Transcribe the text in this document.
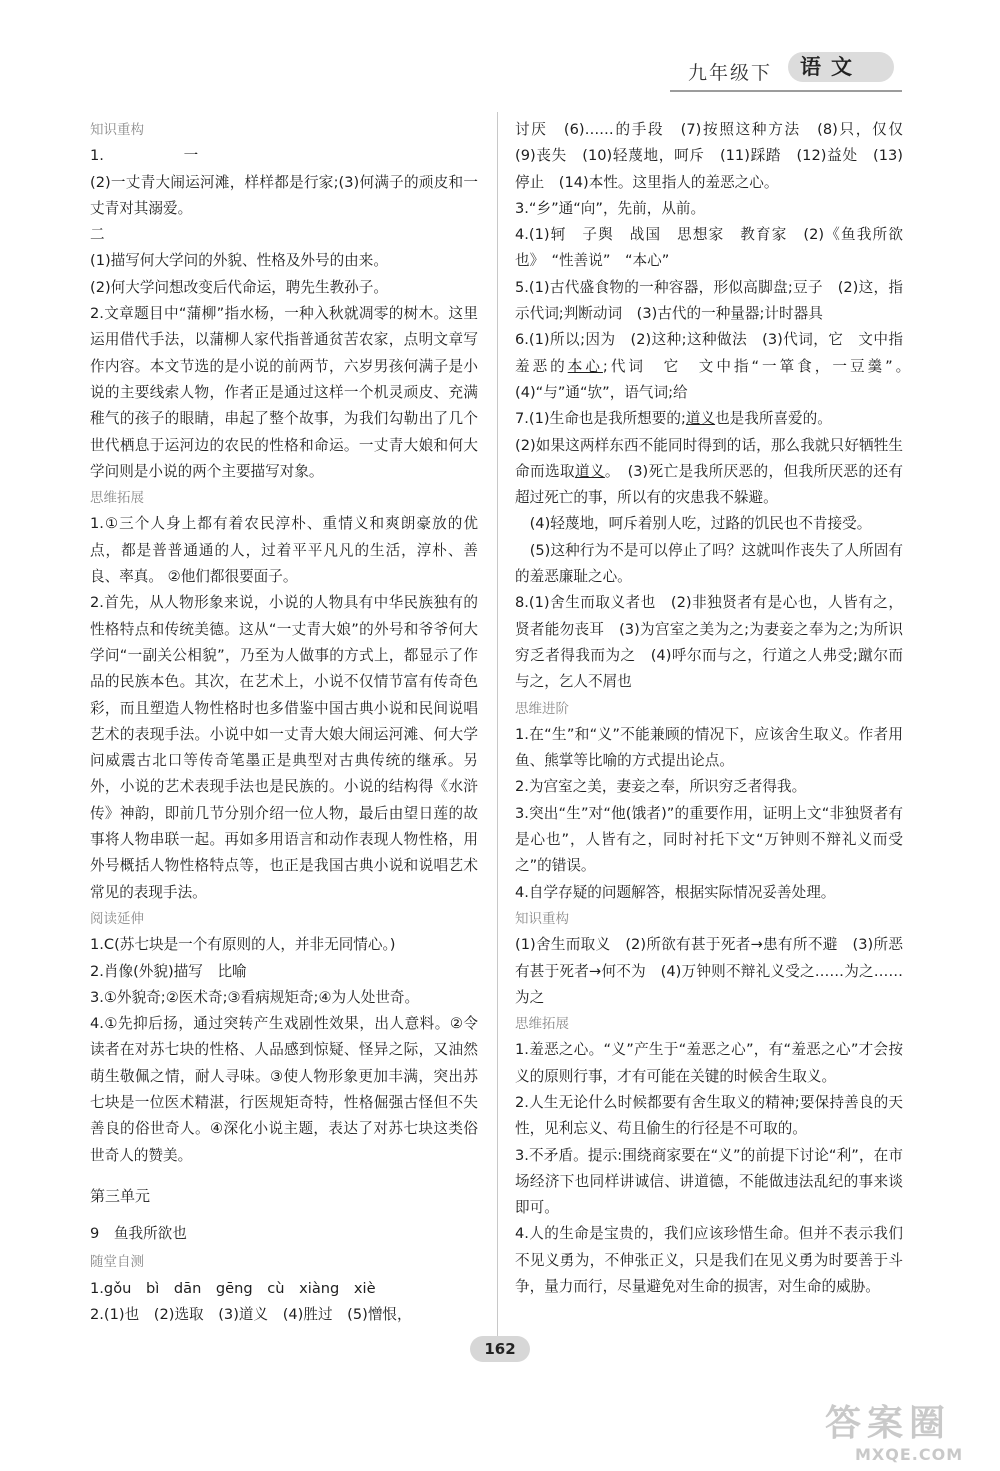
九年级下	语文

知识重构

1.	一

(2)一丈青大闹运河滩，样样都是行家;(3)何满子的顽皮和一丈青对其溺爱。

二

(1)描写何大学问的外貌、性格及外号的由来。

(2)何大学问想改变后代命运，聘先生教孙子。

2.文章题目中“蒲柳”指水杨，一种入秋就凋零的树木。这里运用借代手法，以蒲柳人家代指普通贫苦农家，点明文章写作内容。本文节选的是小说的前两节，六岁男孩何满子是小说的主要线索人物，作者正是通过这样一个机灵顽皮、充满稚气的孩子的眼睛，串起了整个故事，为我们勾勒出了几个世代栖息于运河边的农民的性格和命运。一丈青大娘和何大学问则是小说的两个主要描写对象。

思维拓展

1.①三个人身上都有着农民淳朴、重情义和爽朗豪放的优点，都是普普通通的人，过着平平凡凡的生活，淳朴、善良、率真。 ②他们都很要面子。

2.首先，从人物形象来说，小说的人物具有中华民族独有的性格特点和传统美德。这从“一丈青大娘”的外号和爷爷何大学问“一副关公相貌”，乃至为人做事的方式上，都显示了作品的民族本色。其次，在艺术上，小说不仅情节富有传奇色彩，而且塑造人物性格时也多借鉴中国古典小说和民间说唱艺术的表现手法。小说中如一丈青大娘大闹运河滩、何大学问威震古北口等传奇笔墨正是典型对古典传统的继承。另外，小说的艺术表现手法也是民族的。小说的结构得《水浒传》神韵，即前几节分别介绍一位人物，最后由望日莲的故事将人物串联一起。再如多用语言和动作表现人物性格，用外号概括人物性格特点等，也正是我国古典小说和说唱艺术常见的表现手法。

阅读延伸

1.C(苏七块是一个有原则的人，并非无同情心。)

2.肖像(外貌)描写　比喻

3.①外貌奇;②医术奇;③看病规矩奇;④为人处世奇。

4.①先抑后扬，通过突转产生戏剧性效果，出人意料。②令读者在对苏七块的性格、人品感到惊疑、怪异之际，又油然萌生敬佩之情，耐人寻味。③使人物形象更加丰满，突出苏七块是一位医术精湛，行医规矩奇特，性格倔强古怪但不失善良的俗世奇人。④深化小说主题，表达了对苏七块这类俗世奇人的赞美。

第三单元

9　鱼我所欲也

随堂自测

1.gǒu　bì　dān　gēng　cù　xiàng　xiè

2.(1)也　(2)选取　(3)道义　(4)胜过　(5)憎恨，

讨厌　(6)……的手段　(7)按照这种方法　(8)只，仅仅　(9)丧失　(10)轻蔑地，呵斥　(11)踩踏　(12)益处　(13)停止　(14)本性。这里指人的羞恶之心。

3.“乡”通“向”，先前，从前。

4.(1)轲　子舆　战国　思想家　教育家　(2)《鱼我所欲也》　“性善说”　“本心”

5.(1)古代盛食物的一种容器，形似高脚盘;豆子　(2)这，指示代词;判断动词　(3)古代的一种量器;计时器具

6.(1)所以;因为　(2)这种;这种做法　(3)代词，它　文中指羞恶的本心;代词　它　文中指“一箪食，一豆羹”。　(4)“与”通“欤”，语气词;给

7.(1)生命也是我所想要的;道义也是我所喜爱的。

(2)如果这两样东西不能同时得到的话，那么我就只好牺牲生命而选取道义。　(3)死亡是我所厌恶的，但我所厌恶的还有超过死亡的事，所以有的灾患我不躲避。

　(4)轻蔑地，呵斥着别人吃，过路的饥民也不肯接受。

　(5)这种行为不是可以停止了吗？这就叫作丧失了人所固有的羞恶廉耻之心。

8.(1)舍生而取义者也　(2)非独贤者有是心也，人皆有之，贤者能勿丧耳　(3)为宫室之美为之;为妻妾之奉为之;为所识穷乏者得我而为之　(4)呼尔而与之，行道之人弗受;蹴尔而与之，乞人不屑也

思维进阶

1.在“生”和“义”不能兼顾的情况下，应该舍生取义。作者用鱼、熊掌等比喻的方式提出论点。

2.为宫室之美，妻妾之奉，所识穷乏者得我。

3.突出“生”对“他(饿者)”的重要作用，证明上文“非独贤者有是心也”，人皆有之，同时衬托下文“万钟则不辩礼义而受之”的错误。

4.自学存疑的问题解答，根据实际情况妥善处理。

知识重构

(1)舍生而取义　(2)所欲有甚于死者→患有所不避　(3)所恶有甚于死者→何不为　(4)万钟则不辩礼义受之……为之……为之

思维拓展

1.羞恶之心。“义”产生于“羞恶之心”，有“羞恶之心”才会按义的原则行事，才有可能在关键的时候舍生取义。

2.人生无论什么时候都要有舍生取义的精神;要保持善良的天性，见利忘义、苟且偷生的行径是不可取的。

3.不矛盾。提示:围绕商家要在“义”的前提下讨论“利”，在市场经济下也同样讲诚信、讲道德，不能做违法乱纪的事来谈即可。

4.人的生命是宝贵的，我们应该珍惜生命。但并不表示我们不见义勇为，不伸张正义，只是我们在见义勇为时要善于斗争，量力而行，尽量避免对生命的损害，对生命的威胁。

162
答案圈
MXQE.COM
